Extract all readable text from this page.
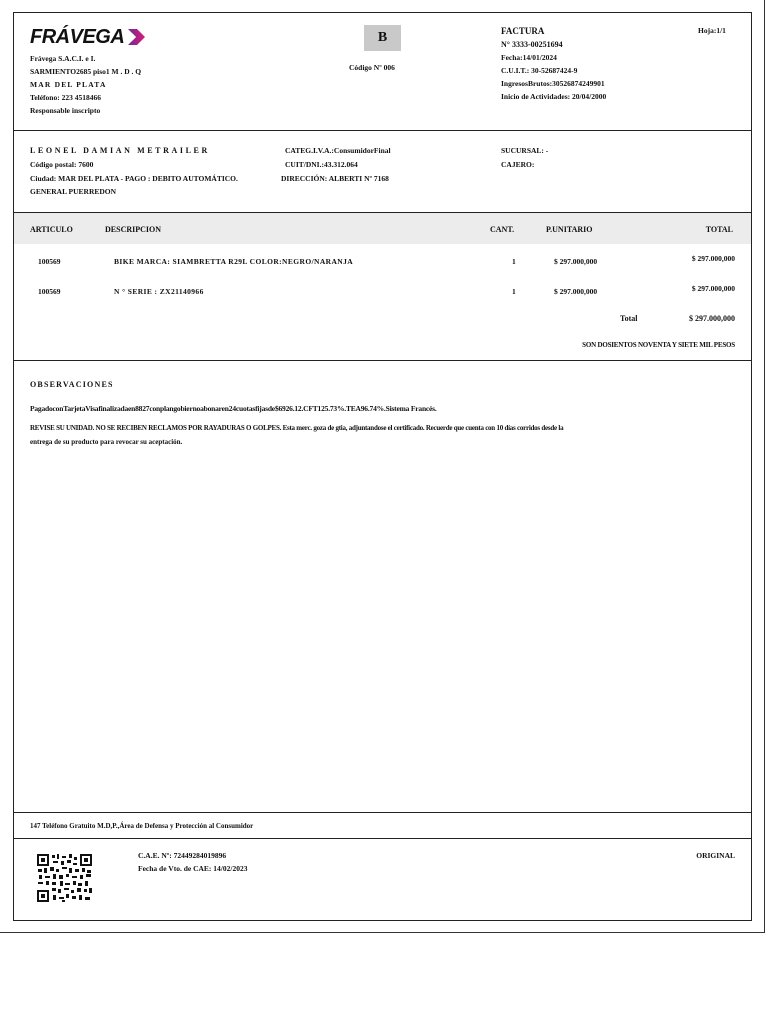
FRÁVEGA
Frávega S.A.C.I. e I.
SARMIENTO2685 piso1 M . D . Q
MAR DEL PLATA
Teléfono: 223 4518466
Responsable inscripto
B
Código Nº 006
FACTURA
N° 3333-00251694
Fecha:14/01/2024
C.U.I.T.: 30-52687424-9
IngresosBrutos:30526874249901
Inicio de Actividades: 20/04/2000
Hoja:1/1
LEONEL DAMIAN METRAILER
Código postal: 7600
Ciudad: MAR DEL PLATA - PAGO : DEBITO AUTOMÁTICO.
GENERAL PUERREDON
CATEG.I.V.A.:ConsumidorFinal
CUIT/DNI.:43.312.064
DIRECCIÓN: ALBERTI Nº 7168
SUCURSAL: -
CAJERO:
ARTICULO	DESCRIPCION	CANT.	P.UNITARIO	TOTAL
100569	BIKE MARCA: SIAMBRETTA R29L COLOR:NEGRO/NARANJA	1	$ 297.000,000	$ 297.000,000
100569	N ° SERIE : ZX21140966	1	$ 297.000,000	$ 297.000,000
Total	$ 297.000,000
SON DOSIENTOS NOVENTA Y SIETE MIL PESOS
OBSERVACIONES
PagadoconTarjetaVisafinalizadaen8827conplangobiernoabonaren24cuotasfijasde$6926.12.CFT125.73%.TEA96.74%.Sistema Francés.
REVISE SU UNIDAD. NO SE RECIBEN RECLAMOS POR RAYADURAS O GOLPES. Esta merc. goza de gtia, adjuntandose el certificado. Recuerde que cuenta con 10 días corridos desde la
entrega de su producto para revocar su aceptación.
147 Teléfono Gratuito M.D,P.,Área de Defensa y Protección al Consumidor
C.A.E. Nº: 72449284019896
Fecha de Vto. de CAE: 14/02/2023
ORIGINAL
